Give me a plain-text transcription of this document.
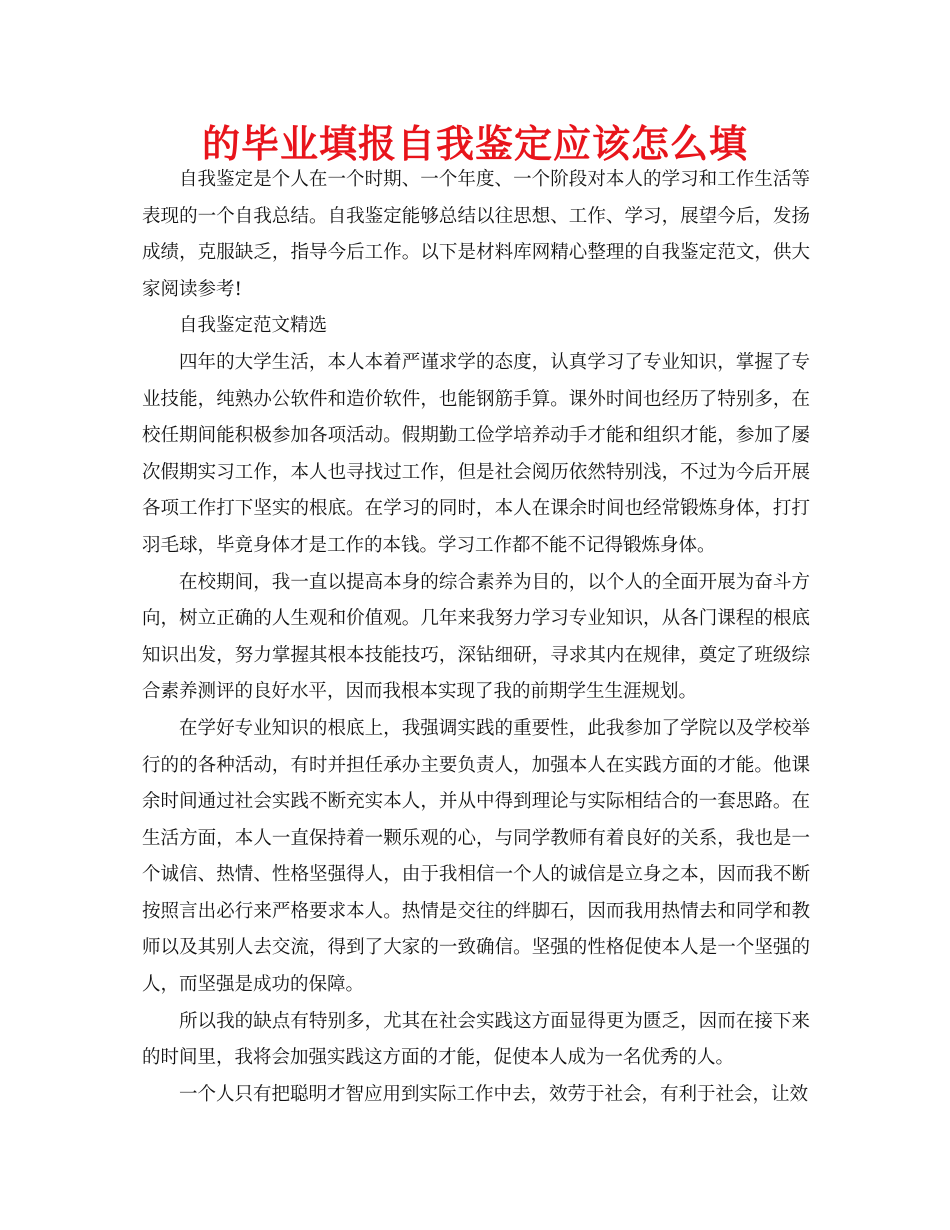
的毕业填报自我鉴定应该怎么填

自我鉴定是个人在一个时期、一个年度、一个阶段对本人的学习和工作生活等表现的一个自我总结。自我鉴定能够总结以往思想、工作、学习，展望今后，发扬成绩，克服缺乏，指导今后工作。以下是材料库网精心整理的自我鉴定范文，供大家阅读参考!

自我鉴定范文精选

四年的大学生活，本人本着严谨求学的态度，认真学习了专业知识，掌握了专业技能，纯熟办公软件和造价软件，也能钢筋手算。课外时间也经历了特别多，在校任期间能积极参加各项活动。假期勤工俭学培养动手才能和组织才能，参加了屡次假期实习工作，本人也寻找过工作，但是社会阅历依然特别浅，不过为今后开展各项工作打下坚实的根底。在学习的同时，本人在课余时间也经常锻炼身体，打打羽毛球，毕竟身体才是工作的本钱。学习工作都不能不记得锻炼身体。

在校期间，我一直以提高本身的综合素养为目的，以个人的全面开展为奋斗方向，树立正确的人生观和价值观。几年来我努力学习专业知识，从各门课程的根底知识出发，努力掌握其根本技能技巧，深钻细研，寻求其内在规律，奠定了班级综合素养测评的良好水平，因而我根本实现了我的前期学生生涯规划。

在学好专业知识的根底上，我强调实践的重要性，此我参加了学院以及学校举行的的各种活动，有时并担任承办主要负责人，加强本人在实践方面的才能。他课余时间通过社会实践不断充实本人，并从中得到理论与实际相结合的一套思路。在生活方面，本人一直保持着一颗乐观的心，与同学教师有着良好的关系，我也是一个诚信、热情、性格坚强得人，由于我相信一个人的诚信是立身之本，因而我不断按照言出必行来严格要求本人。热情是交往的绊脚石，因而我用热情去和同学和教师以及其别人去交流，得到了大家的一致确信。坚强的性格促使本人是一个坚强的人，而坚强是成功的保障。

所以我的缺点有特别多，尤其在社会实践这方面显得更为匮乏，因而在接下来的时间里，我将会加强实践这方面的才能，促使本人成为一名优秀的人。

一个人只有把聪明才智应用到实际工作中去，效劳于社会，有利于社会，让效
